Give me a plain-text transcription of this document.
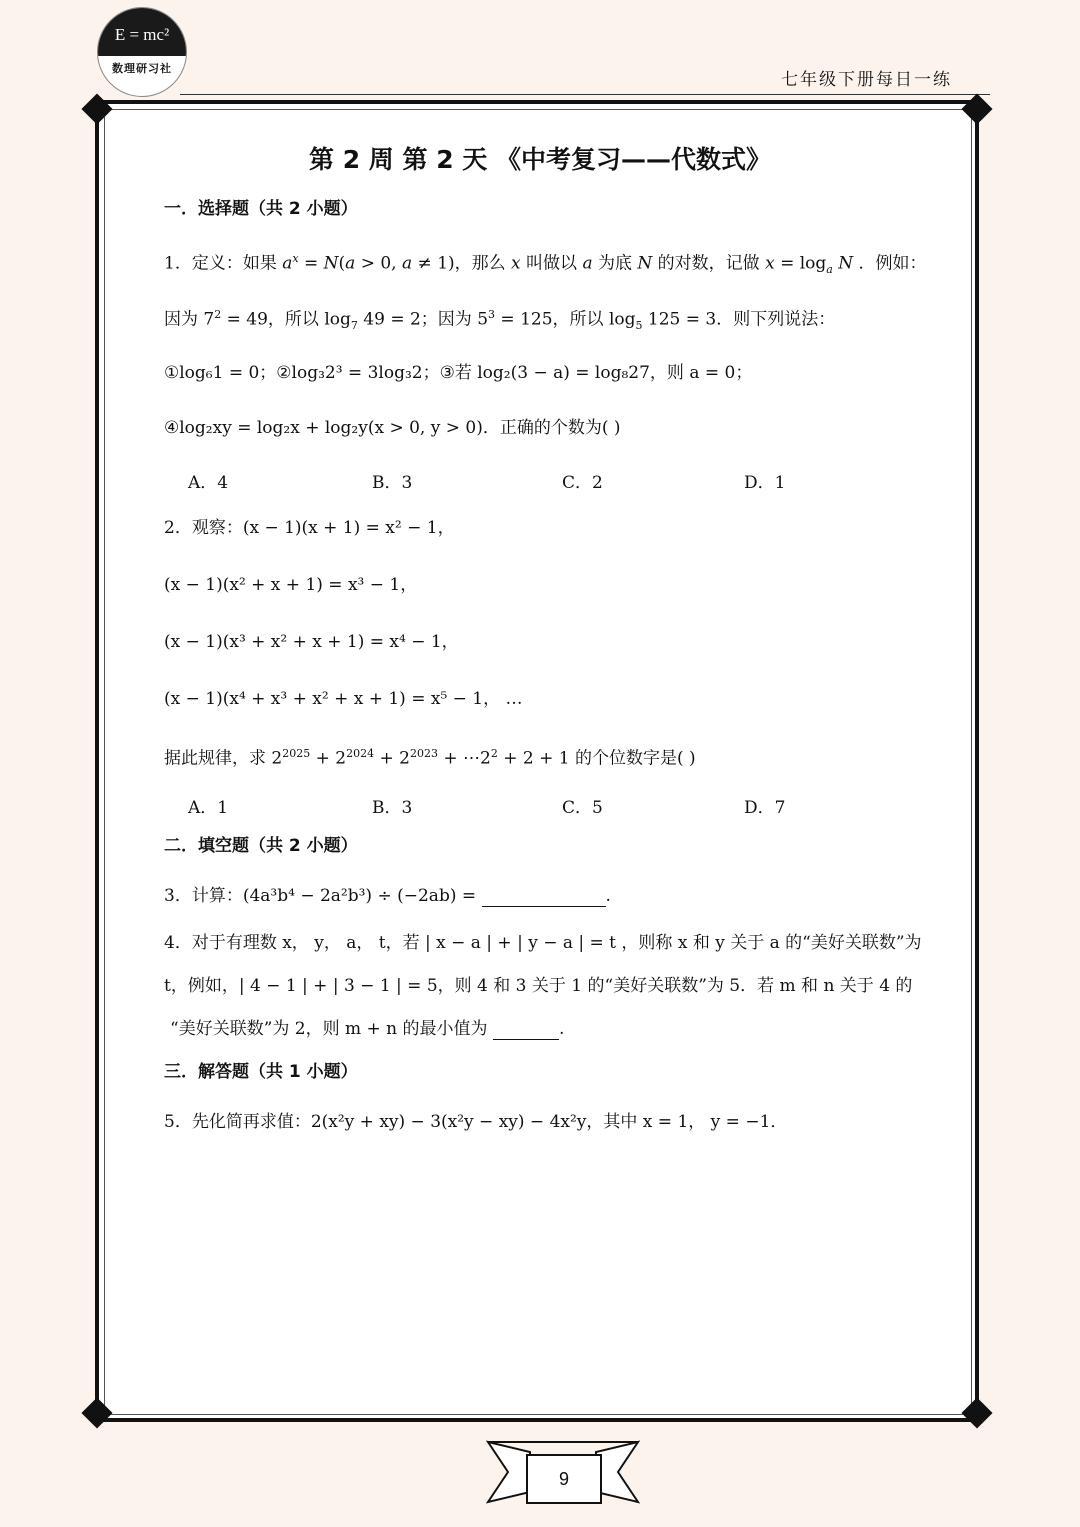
E = mc²
数理研习社
七年级下册每日一练
第 2 周 第 2 天 《中考复习——代数式》
一．选择题（共 2 小题）
1．定义：如果 $a^x = N(a > 0$, a ≠ 1)，那么 x 叫做以 a 为底 N 的对数，记做 $x = \log_a N$ ．例如：
因为 $7^2 = 49$，所以 $\log_7 49 = 2$；因为 $5^3 = 125$，所以 $\log_5 125 = 3$．则下列说法：
①log₆1 = 0；②log₃2³ = 3log₃2；③若 log₂(3 − a) = log₈27，则 a = 0；
④log₂xy = log₂x + log₂y(x > 0, y > 0)．正确的个数为( )
A．4	B．3	C．2	D．1
2．观察：(x − 1)(x + 1) = x² − 1，
(x − 1)(x² + x + 1) = x³ − 1，
(x − 1)(x³ + x² + x + 1) = x⁴ − 1，
(x − 1)(x⁴ + x³ + x² + x + 1) = x⁵ − 1， …
据此规律，求 $2^{2025} + 2^{2024} + 2^{2023}$ + $\cdots 2^2 + 2 + 1$ 的个位数字是( )
A．1	B．3	C．5	D．7
二．填空题（共 2 小题）
3．计算：(4a³b⁴ − 2a²b³) ÷ (−2ab) =	.
4．对于有理数 x， y， a， t，若 | x − a | + | y − a | = t ，则称 x 和 y 关于 a 的“美好关联数”为
t，例如，| 4 − 1 | + | 3 − 1 | = 5，则 4 和 3 关于 1 的“美好关联数”为 5．若 m 和 n 关于 4 的
“美好关联数”为 2，则 m + n 的最小值为	.
三．解答题（共 1 小题）
5．先化简再求值：2(x²y + xy) − 3(x²y − xy) − 4x²y，其中 x = 1， y = −1．
9
